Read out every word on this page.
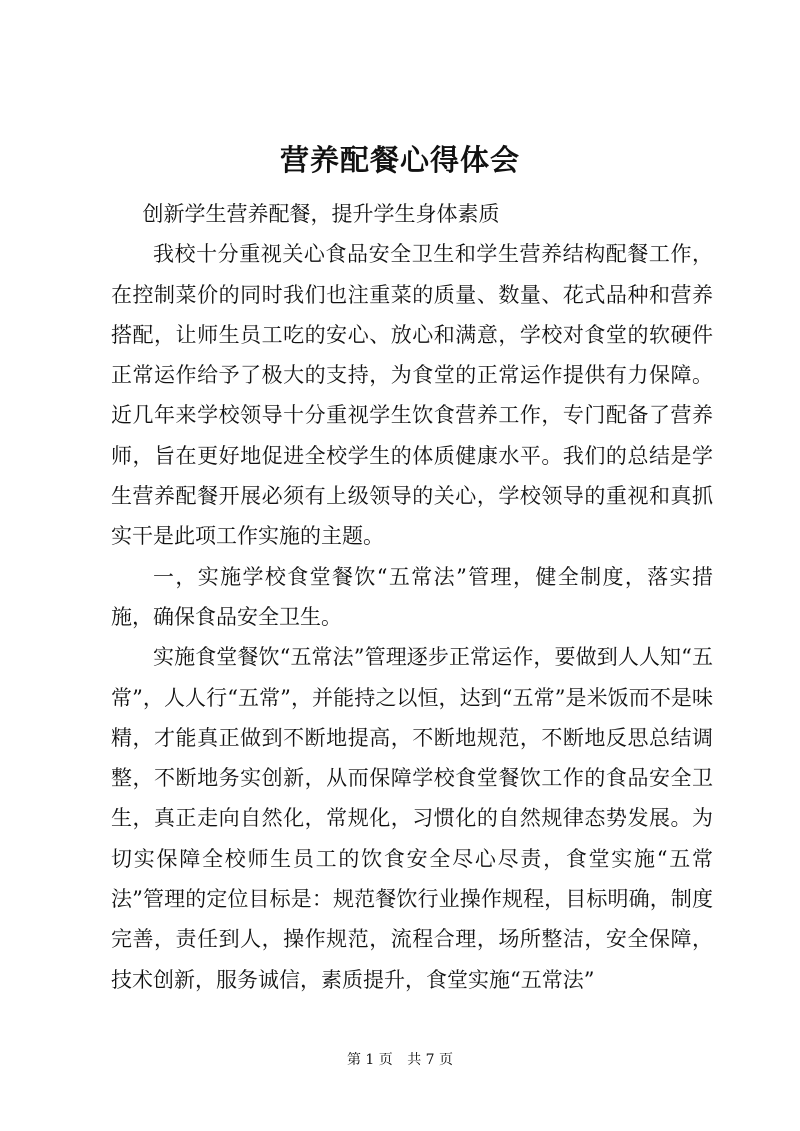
营养配餐心得体会

创新学生营养配餐，提升学生身体素质

我校十分重视关心食品安全卫生和学生营养结构配餐工作，在控制菜价的同时我们也注重菜的质量、数量、花式品种和营养搭配，让师生员工吃的安心、放心和满意，学校对食堂的软硬件正常运作给予了极大的支持，为食堂的正常运作提供有力保障。近几年来学校领导十分重视学生饮食营养工作，专门配备了营养师，旨在更好地促进全校学生的体质健康水平。我们的总结是学生营养配餐开展必须有上级领导的关心，学校领导的重视和真抓实干是此项工作实施的主题。

一，实施学校食堂餐饮“五常法”管理，健全制度，落实措施，确保食品安全卫生。

实施食堂餐饮“五常法”管理逐步正常运作，要做到人人知“五常”，人人行“五常”，并能持之以恒，达到“五常”是米饭而不是味精，才能真正做到不断地提高，不断地规范，不断地反思总结调整，不断地务实创新，从而保障学校食堂餐饮工作的食品安全卫生，真正走向自然化，常规化，习惯化的自然规律态势发展。为切实保障全校师生员工的饮食安全尽心尽责，食堂实施“五常法”管理的定位目标是：规范餐饮行业操作规程，目标明确，制度完善，责任到人，操作规范，流程合理，场所整洁，安全保障，技术创新，服务诚信，素质提升，食堂实施“五常法”

第 1 页 共 7 页
